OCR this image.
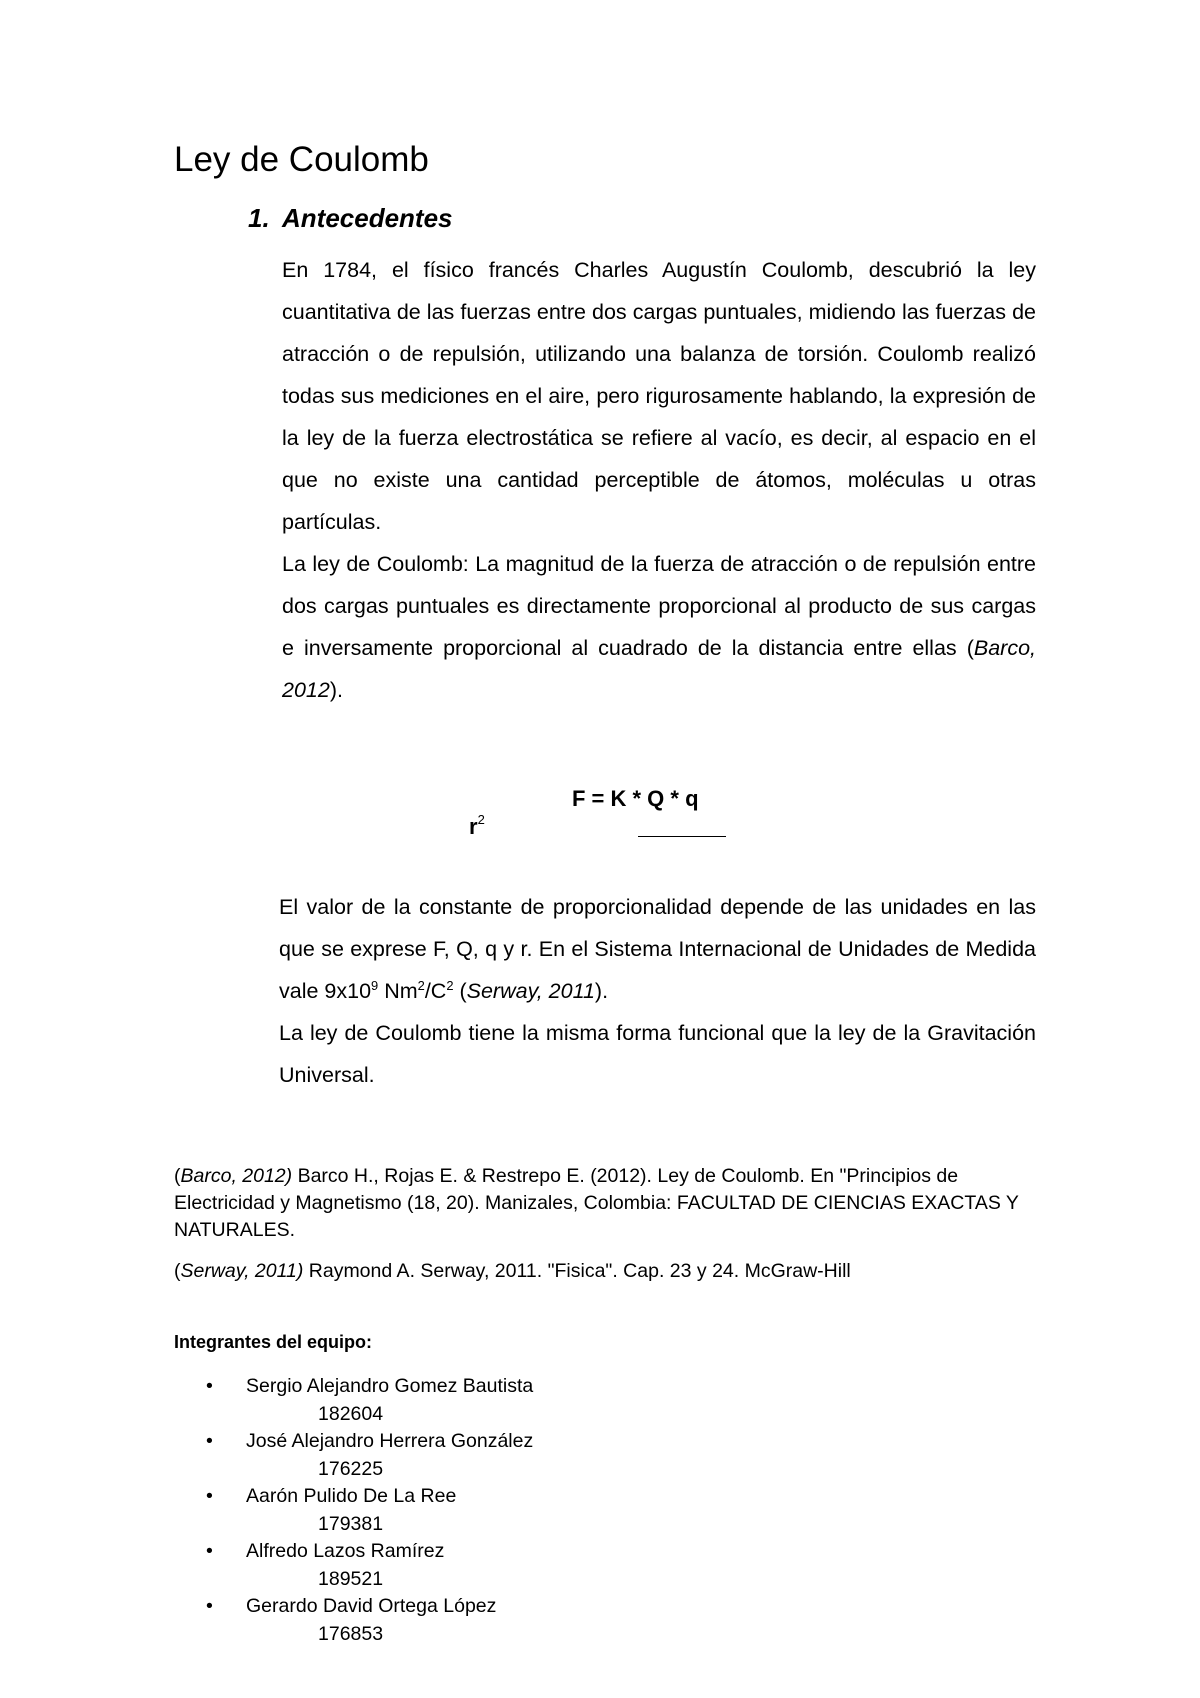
Ley de Coulomb
1. Antecedentes

En 1784, el físico francés Charles Augustín Coulomb, descubrió la ley cuantitativa de las fuerzas entre dos cargas puntuales, midiendo las fuerzas de atracción o de repulsión, utilizando una balanza de torsión. Coulomb realizó todas sus mediciones en el aire, pero rigurosamente hablando, la expresión de la ley de la fuerza electrostática se refiere al vacío, es decir, al espacio en el que no existe una cantidad perceptible de átomos, moléculas u otras partículas.

La ley de Coulomb: La magnitud de la fuerza de atracción o de repulsión entre dos cargas puntuales es directamente proporcional al producto de sus cargas e inversamente proporcional al cuadrado de la distancia entre ellas (Barco, 2012).

F = K * Q * q
$r^2$

El valor de la constante de proporcionalidad depende de las unidades en las que se exprese F, Q, q y r. En el Sistema Internacional de Unidades de Medida vale $9x10^9$ $Nm^2/C^2$ (Serway, 2011).

La ley de Coulomb tiene la misma forma funcional que la ley de la Gravitación Universal.

(Barco, 2012) Barco H., Rojas E. & Restrepo E. (2012). Ley de Coulomb. En "Principios de Electricidad y Magnetismo (18, 20). Manizales, Colombia: FACULTAD DE CIENCIAS EXACTAS Y NATURALES.

(Serway, 2011) Raymond A. Serway, 2011. "Fisica". Cap. 23 y 24. McGraw-Hill

Integrantes del equipo:
• Sergio Alejandro Gomez Bautista
182604
• José Alejandro Herrera González
176225
• Aarón Pulido De La Ree
179381
• Alfredo Lazos Ramírez
189521
• Gerardo David Ortega López
176853
